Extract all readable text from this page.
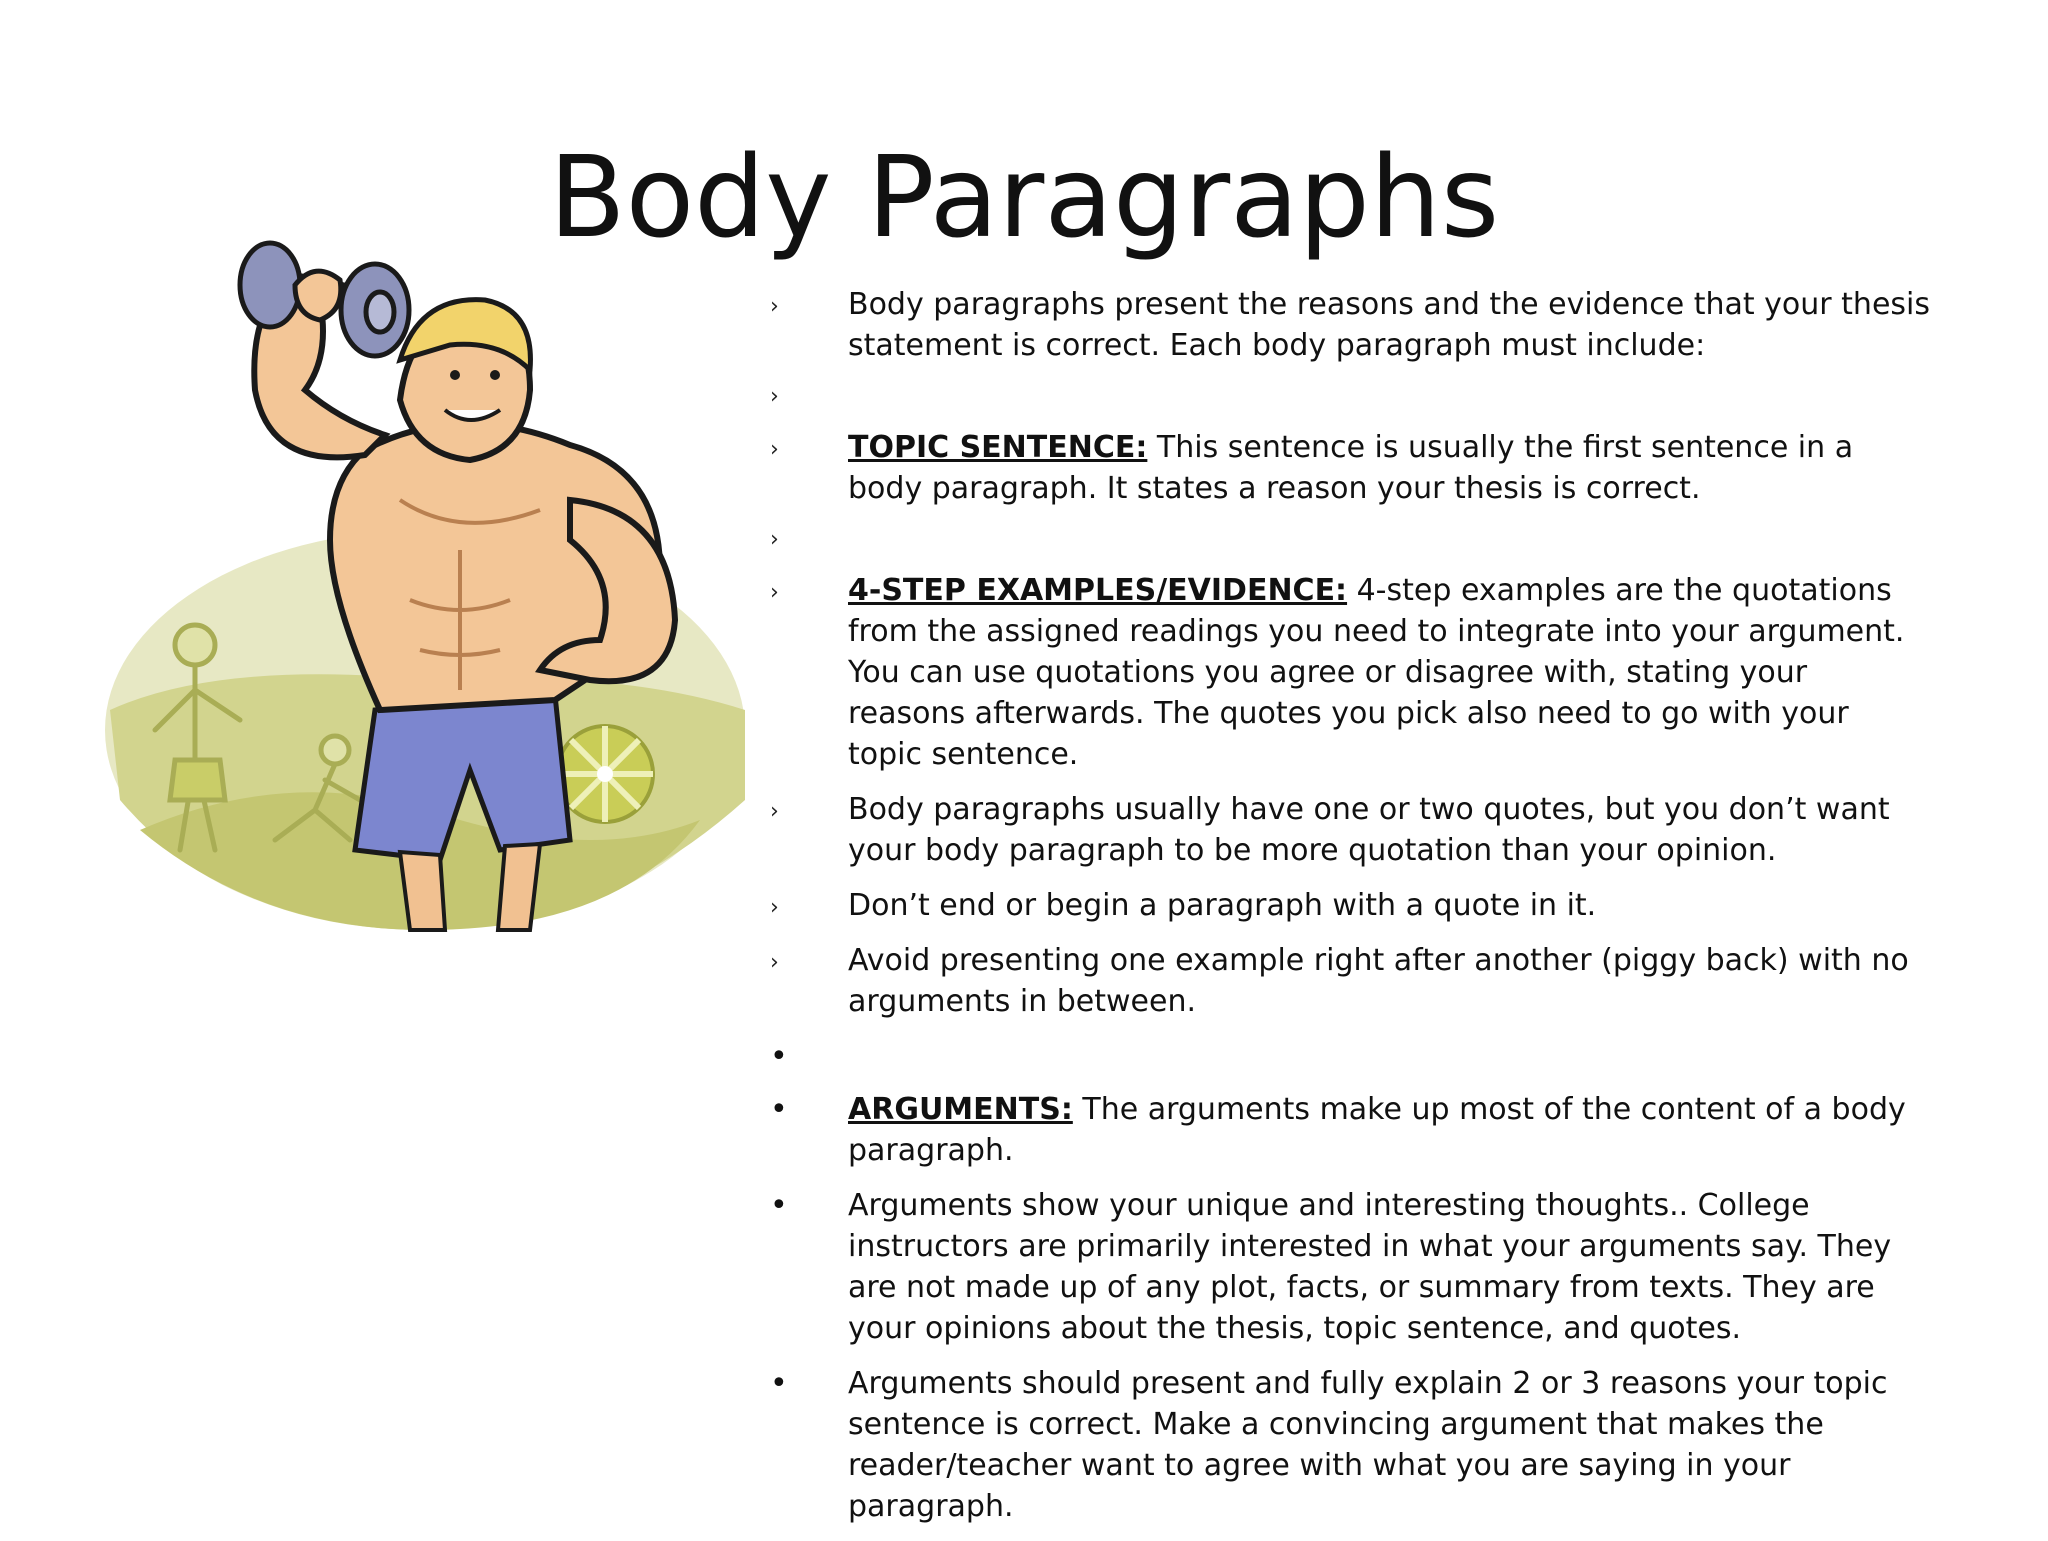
Body Paragraphs
› Body paragraphs present the reasons and the evidence that your thesis statement is correct. Each body paragraph must include:
›
› TOPIC SENTENCE: This sentence is usually the first sentence in a body paragraph. It states a reason your thesis is correct.
›
› 4-STEP EXAMPLES/EVIDENCE: 4-step examples are the quotations from the assigned readings you need to integrate into your argument. You can use quotations you agree or disagree with, stating your reasons afterwards. The quotes you pick also need to go with your topic sentence.
› Body paragraphs usually have one or two quotes, but you don’t want your body paragraph to be more quotation than your opinion.
› Don’t end or begin a paragraph with a quote in it.
› Avoid presenting one example right after another (piggy back) with no arguments in between.
•
• ARGUMENTS: The arguments make up most of the content of a body paragraph.
• Arguments show your unique and interesting thoughts.. College instructors are primarily interested in what your arguments say. They are not made up of any plot, facts, or summary from texts. They are your opinions about the thesis, topic sentence, and quotes.
• Arguments should present and fully explain 2 or 3 reasons your topic sentence is correct. Make a convincing argument that makes the reader/teacher want to agree with what you are saying in your paragraph.
